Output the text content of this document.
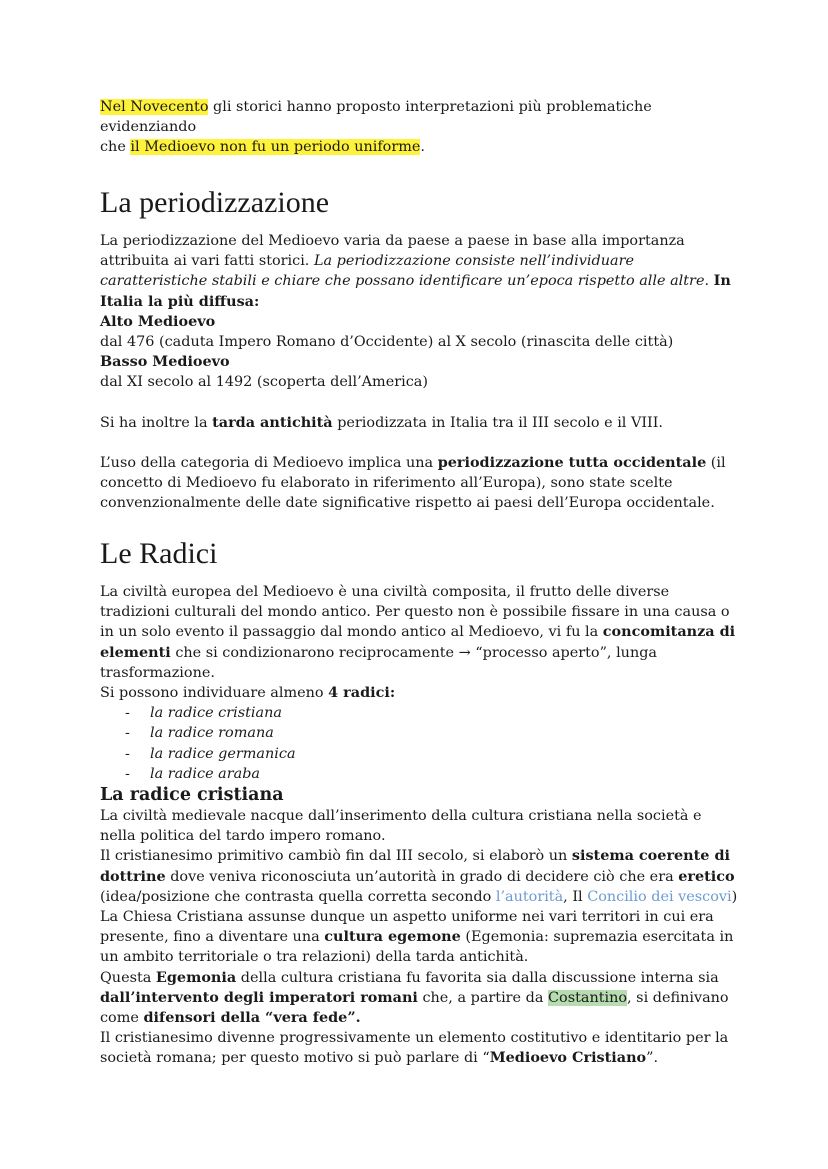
Nel Novecento gli storici hanno proposto interpretazioni più problematiche evidenziando
che il Medioevo non fu un periodo uniforme.

La periodizzazione

La periodizzazione del Medioevo varia da paese a paese in base alla importanza attribuita ai vari fatti storici. La periodizzazione consiste nell’individuare caratteristiche stabili e chiare che possano identificare un’epoca rispetto alle altre. In Italia la più diffusa:

Alto Medioevo

dal 476 (caduta Impero Romano d’Occidente) al X secolo (rinascita delle città)

Basso Medioevo

dal XI secolo al 1492 (scoperta dell’America)

Si ha inoltre la tarda antichità periodizzata in Italia tra il III secolo e il VIII.

L’uso della categoria di Medioevo implica una periodizzazione tutta occidentale (il concetto di Medioevo fu elaborato in riferimento all’Europa), sono state scelte convenzionalmente delle date significative rispetto ai paesi dell’Europa occidentale.

Le Radici

La civiltà europea del Medioevo è una civiltà composita, il frutto delle diverse tradizioni culturali del mondo antico. Per questo non è possibile fissare in una causa o in un solo evento il passaggio dal mondo antico al Medioevo, vi fu la concomitanza di elementi che si condizionarono reciprocamente → “processo aperto”, lunga trasformazione.

Si possono individuare almeno 4 radici:

- la radice cristiana
- la radice romana
- la radice germanica
- la radice araba
La radice cristiana

La civiltà medievale nacque dall’inserimento della cultura cristiana nella società e nella politica del tardo impero romano.

Il cristianesimo primitivo cambiò fin dal III secolo, si elaborò un sistema coerente di dottrine dove veniva riconosciuta un’autorità in grado di decidere ciò che era eretico

(idea/posizione che contrasta quella corretta secondo l’autorità, Il Concilio dei vescovi)

La Chiesa Cristiana assunse dunque un aspetto uniforme nei vari territori in cui era presente, fino a diventare una cultura egemone (Egemonia: supremazia esercitata in un ambito territoriale o tra relazioni) della tarda antichità.

Questa Egemonia della cultura cristiana fu favorita sia dalla discussione interna sia dall’intervento degli imperatori romani che, a partire da Costantino, si definivano come difensori della “vera fede”.

Il cristianesimo divenne progressivamente un elemento costitutivo e identitario per la società romana; per questo motivo si può parlare di “Medioevo Cristiano”.
